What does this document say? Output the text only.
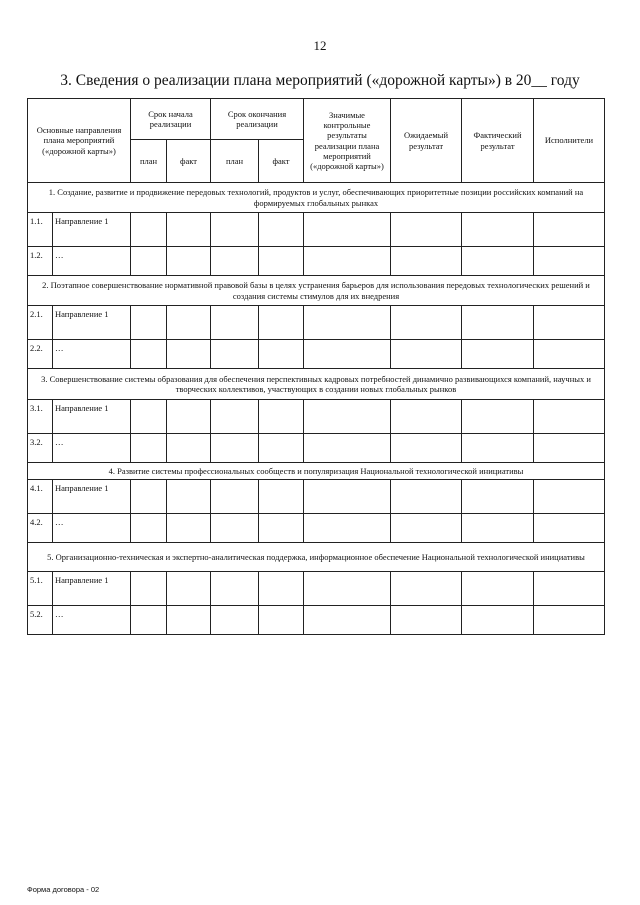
12
3. Сведения о реализации плана мероприятий («дорожной карты») в 20__ году
Основные направления плана мероприятий («дорожной карты»)		Срок начала реализации		Срок окончания реализации		Значимые контрольные результаты реализации плана мероприятий («дорожной карты»)	Ожидаемый результат	Фактический результат	Исполнители
		план	факт	план	факт				
1. Создание, развитие и продвижение передовых технологий, продуктов и услуг, обеспечивающих приоритетные позиции российских компаний на формируемых глобальных рынках									
1.1.	Направление 1								
1.2.	…								
2. Поэтапное совершенствование нормативной правовой базы в целях устранения барьеров для использования передовых технологических решений и создания системы стимулов для их внедрения									
2.1.	Направление 1								
2.2.	…								
3. Совершенствование системы образования для обеспечения перспективных кадровых потребностей динамично развивающихся компаний, научных и творческих коллективов, участвующих в создании новых глобальных рынков									
3.1.	Направление 1								
3.2.	…								
4. Развитие системы профессиональных сообществ и популяризация Национальной технологической инициативы									
4.1.	Направление 1								
4.2.	…								
5. Организационно-техническая и экспертно-аналитическая поддержка, информационное обеспечение Национальной технологической инициативы									
5.1.	Направление 1								
5.2.	…								
Форма договора - 02
